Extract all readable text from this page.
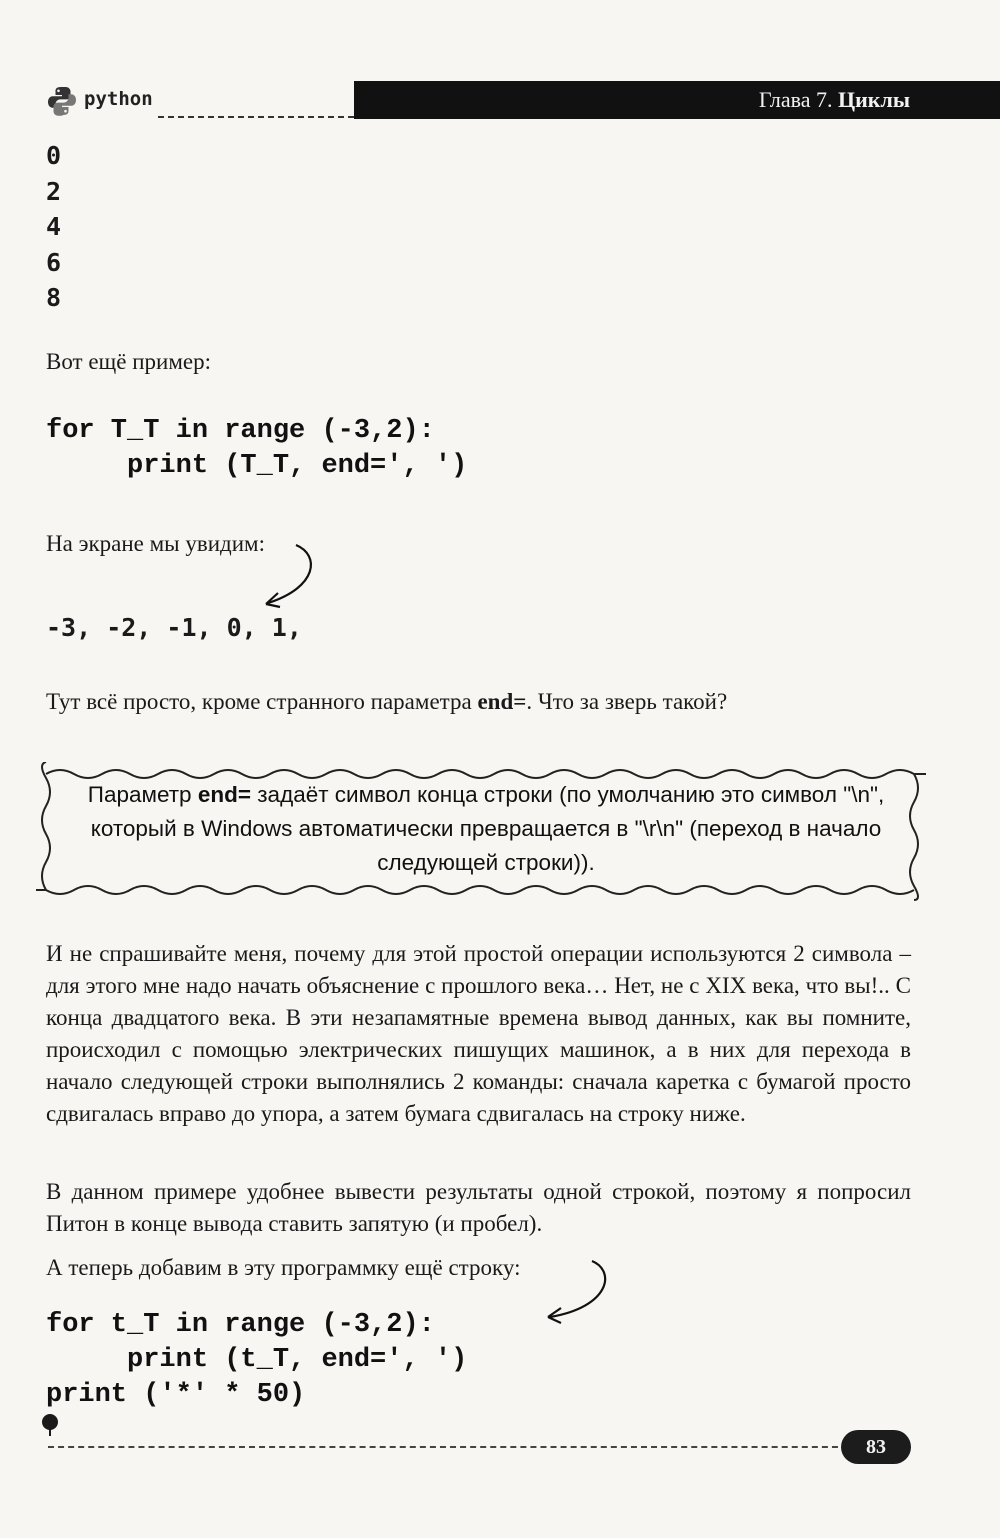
python	Глава 7. Циклы
0
2
4
6
8
Вот ещё пример:
for T_T in range (-3,2):
print (T_T, end=', ')
На экране мы увидим:
-3, -2, -1, 0, 1,
Тут всё просто, кроме странного параметра end=. Что за зверь такой?
Параметр end= задаёт символ конца строки (по умолчанию это символ "\n", который в Windows автоматически превращается в "\r\n" (переход в начало следующей строки)).
И не спрашивайте меня, почему для этой простой операции используются 2 символа – для этого мне надо начать объяснение с прошлого века… Нет, не с XIX века, что вы!.. С конца двадцатого века. В эти незапамятные времена вывод данных, как вы помните, происходил с помощью электрических пишущих машинок, а в них для перехода в начало следующей строки выполнялись 2 команды: сначала каретка с бумагой просто сдвигалась вправо до упора, а затем бумага сдвигалась на строку ниже.
В данном примере удобнее вывести результаты одной строкой, поэтому я попросил Питон в конце вывода ставить запятую (и пробел).
А теперь добавим в эту программку ещё строку:
for t_T in range (-3,2):
print (t_T, end=', ')
print ('*' * 50)
83
